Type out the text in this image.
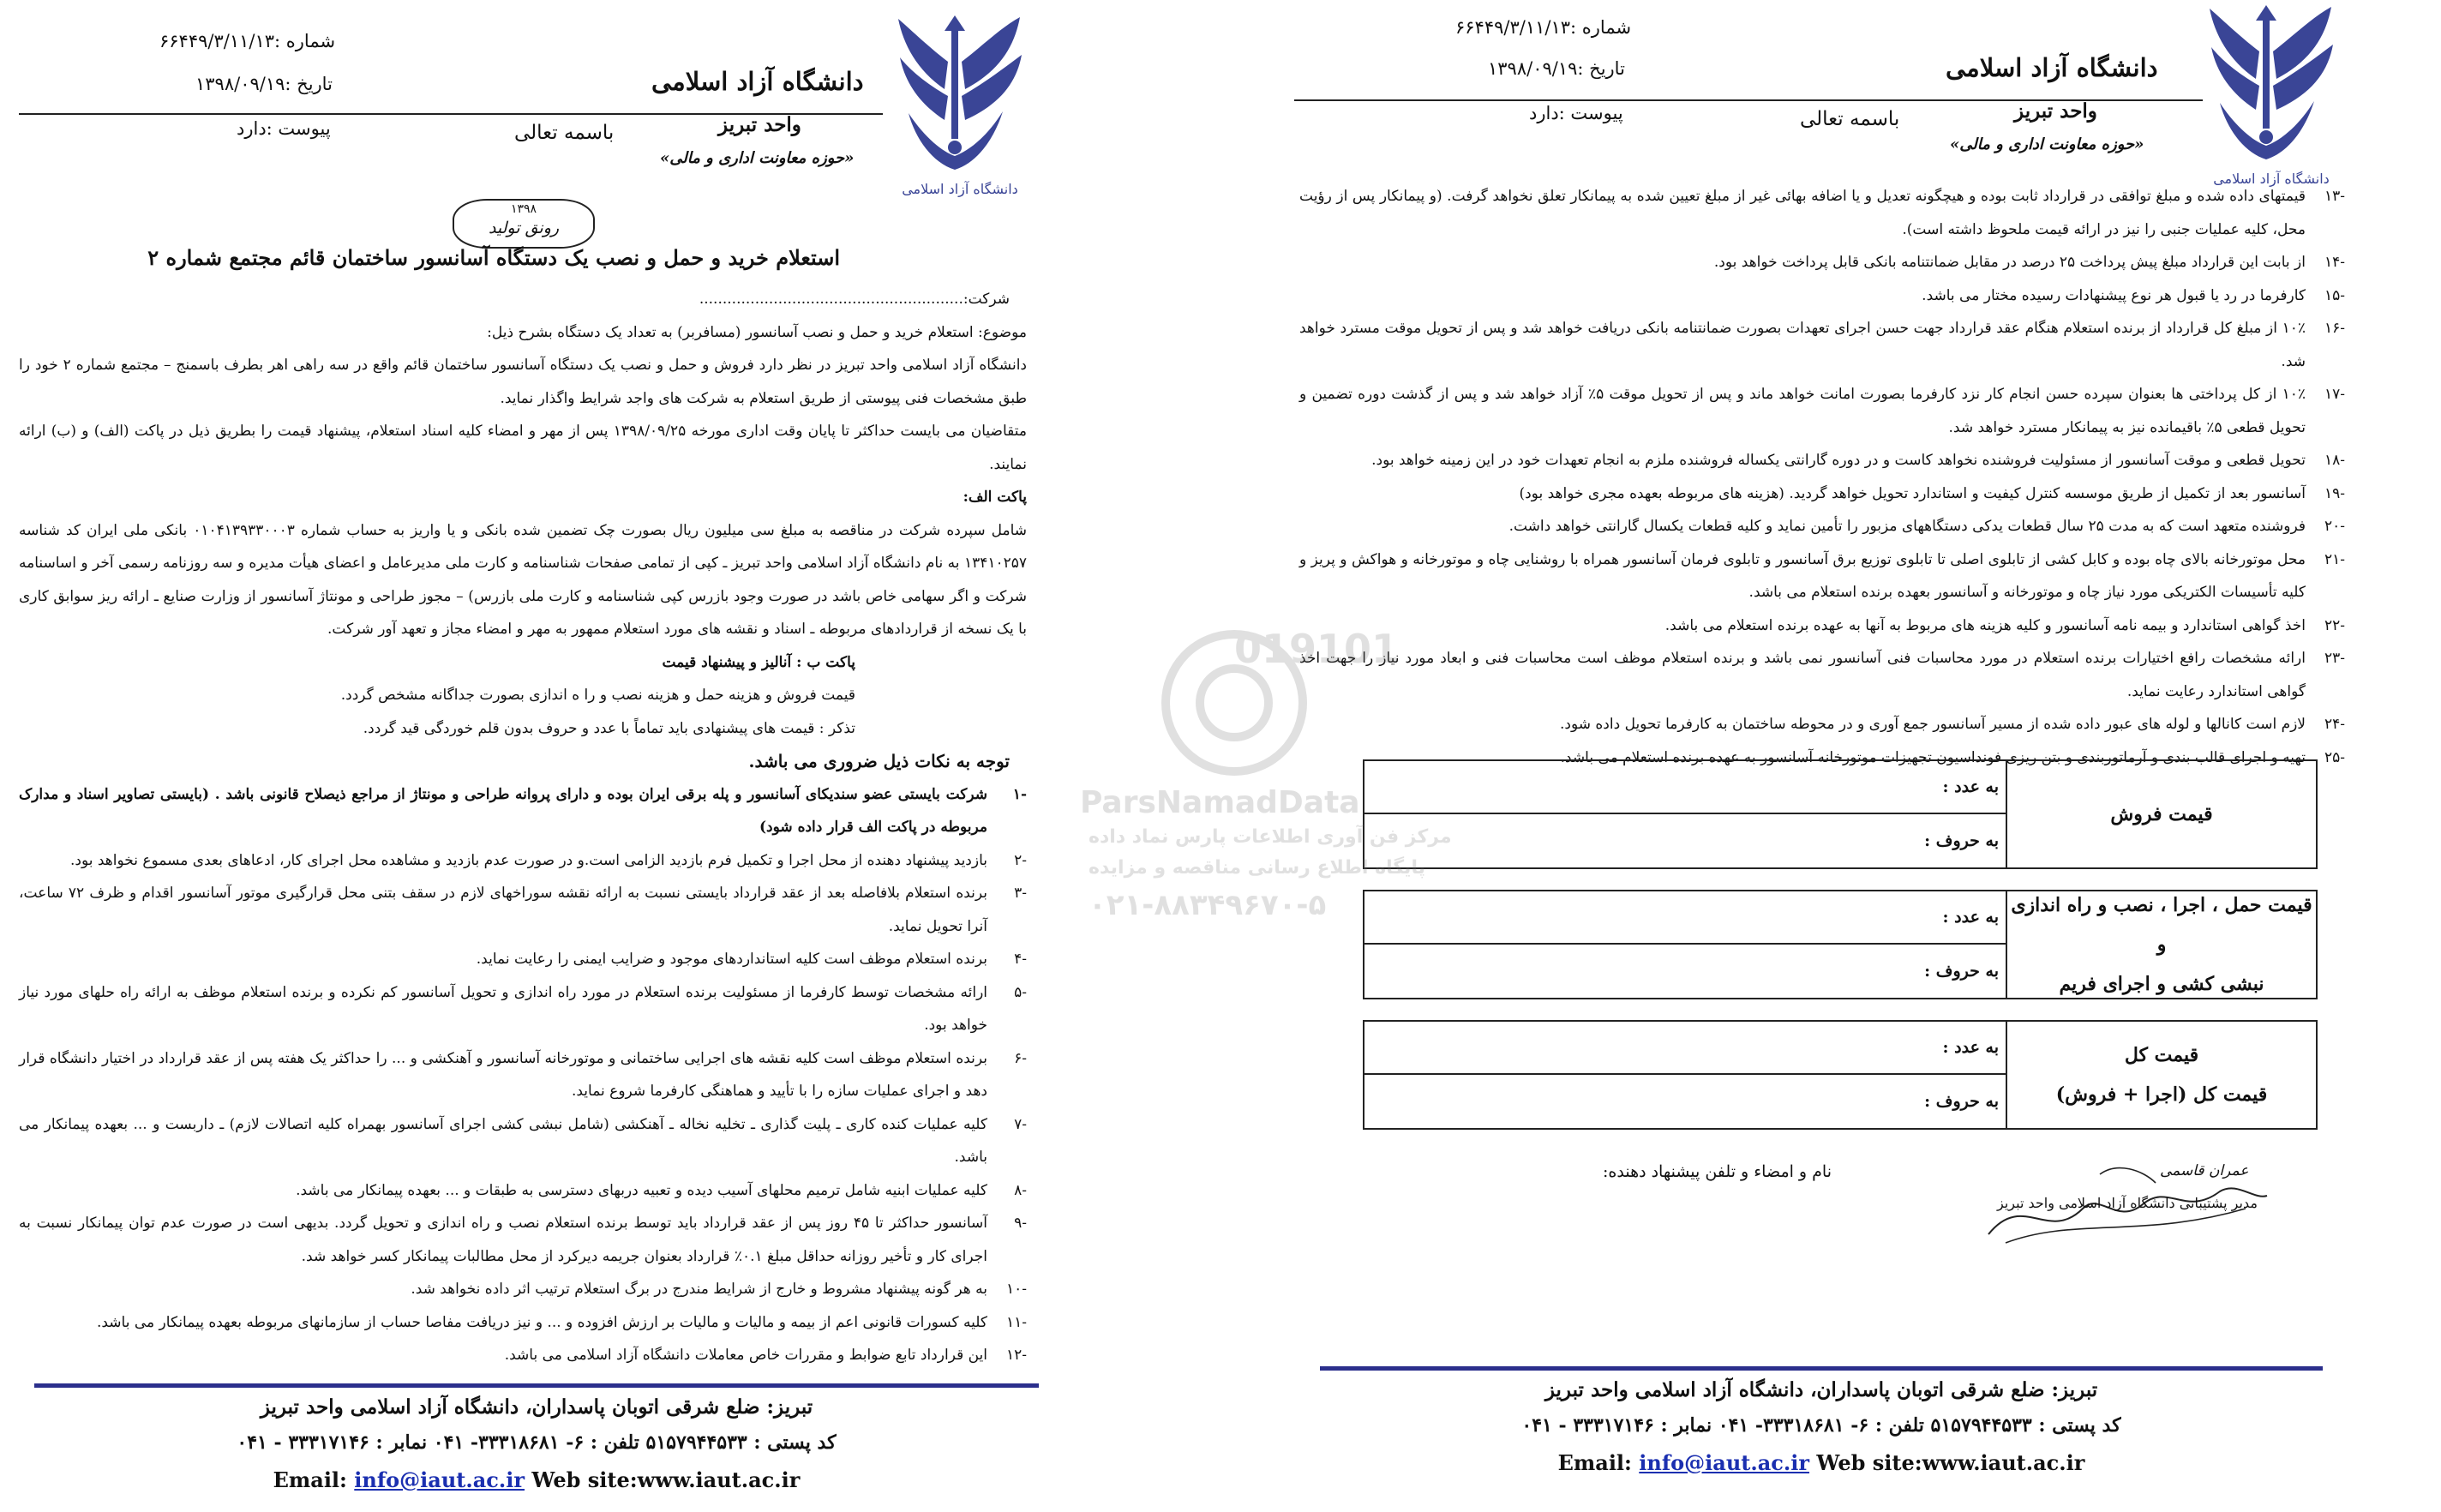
دانشگاه آزاد اسلامی
دانشگاه آزاد اسلامی
واحد تبریز
«حوزه معاونت اداری و مالی»
باسمه تعالی
شماره :۶۶۴۴۹/۳/۱۱/۱۳
تاریخ :۱۳۹۸/۰۹/۱۹
پیوست :دارد
۱۳۹۸
رونق تولید
استعلام خرید و حمل و نصب یک دستگاه آسانسور ساختمان قائم مجتمع شماره ۲

شرکت:.........................................................

موضوع: استعلام خرید و حمل و نصب آسانسور (مسافربر) به تعداد یک دستگاه بشرح ذیل:

دانشگاه آزاد اسلامی واحد تبریز در نظر دارد فروش و حمل و نصب یک دستگاه آسانسور ساختمان قائم واقع در سه راهی اهر بطرف باسمنج – مجتمع شماره ۲ خود را طبق مشخصات فنی پیوستی از طریق استعلام به شرکت های واجد شرایط واگذار نماید.

متقاضیان می بایست حداکثر تا پایان وقت اداری مورخه ۱۳۹۸/۰۹/۲۵ پس از مهر و امضاء کلیه اسناد استعلام، پیشنهاد قیمت را بطریق ذیل در پاکت (الف) و (ب) ارائه نمایند.

پاکت الف:

شامل سپرده شرکت در مناقصه به مبلغ سی میلیون ریال بصورت چک تضمین شده بانکی و یا واریز به حساب شماره ۰۱۰۴۱۳۹۳۳۰۰۰۳ بانکی ملی ایران کد شناسه ۱۳۴۱۰۲۵۷ به نام دانشگاه آزاد اسلامی واحد تبریز ـ کپی از تمامی صفحات شناسنامه و کارت ملی مدیرعامل و اعضای هیأت مدیره و سه روزنامه رسمی آخر و اساسنامه شرکت و اگر سهامی خاص باشد در صورت وجود بازرس کپی شناسنامه و کارت ملی بازرس) – مجوز طراحی و مونتاژ آسانسور از وزارت صنایع ـ ارائه ریز سوابق کاری با یک نسخه از قراردادهای مربوطه ـ اسناد و نقشه های مورد استعلام ممهور به مهر و امضاء مجاز و تعهد آور شرکت.

پاکت ب : آنالیز و پیشنهاد قیمت

قیمت فروش و هزینه حمل و هزینه نصب و را ه اندازی بصورت جداگانه مشخص گردد.

تذکر : قیمت های پیشنهادی باید تماماً با عدد و حروف بدون قلم خوردگی قید گردد.

توجه به نکات ذیل ضروری می باشد.

-۱
شرکت بایستی عضو سندیکای آسانسور و پله برقی ایران بوده و دارای پروانه طراحی و مونتاژ از مراجع ذیصلاح قانونی باشد . (بایستی تصاویر اسناد و مدارک مربوطه در پاکت الف قرار داده شود)
-۲
بازدید پیشنهاد دهنده از محل اجرا و تکمیل فرم بازدید الزامی است.و در صورت عدم بازدید و مشاهده محل اجرای کار، ادعاهای بعدی مسموع نخواهد بود.
-۳
برنده استعلام بلافاصله بعد از عقد قرارداد بایستی نسبت به ارائه نقشه سوراخهای لازم در سقف بتنی محل قرارگیری موتور آسانسور اقدام و ظرف ۷۲ ساعت، آنرا تحویل نماید.
-۴
برنده استعلام موظف است کلیه استانداردهای موجود و ضرایب ایمنی را رعایت نماید.
-۵
ارائه مشخصات توسط کارفرما از مسئولیت برنده استعلام در مورد راه اندازی و تحویل آسانسور کم نکرده و برنده استعلام موظف به ارائه راه حلهای مورد نیاز خواهد بود.
-۶
برنده استعلام موظف است کلیه نقشه های اجرایی ساختمانی و موتورخانه آسانسور و آهنکشی و ... را حداکثر یک هفته پس از عقد قرارداد در اختیار دانشگاه قرار دهد و اجرای عملیات سازه را با تأیید و هماهنگی کارفرما شروع نماید.
-۷
کلیه عملیات کنده کاری ـ پلیت گذاری ـ تخلیه نخاله ـ آهنکشی (شامل نبشی کشی اجرای آسانسور بهمراه کلیه اتصالات لازم) ـ داربست و ... بعهده پیمانکار می باشد.
-۸
کلیه عملیات ابنیه شامل ترمیم محلهای آسیب دیده و تعبیه دربهای دسترسی به طبقات و ... بعهده پیمانکار می باشد.
-۹
آسانسور حداکثر تا ۴۵ روز پس از عقد قرارداد باید توسط برنده استعلام نصب و راه اندازی و تحویل گردد. بدیهی است در صورت عدم توان پیمانکار نسبت به اجرای کار و تأخیر روزانه حداقل مبلغ ۰.۱٪ قرارداد بعنوان جریمه دیرکرد از محل مطالبات پیمانکار کسر خواهد شد.
-۱۰
به هر گونه پیشنهاد مشروط و خارج از شرایط مندرج در برگ استعلام ترتیب اثر داده نخواهد شد.
-۱۱
کلیه کسورات قانونی اعم از بیمه و مالیات و مالیات بر ارزش افزوده و ... و نیز دریافت مفاصا حساب از سازمانهای مربوطه بعهده پیمانکار می باشد.
-۱۲
این قرارداد تابع ضوابط و مقررات خاص معاملات دانشگاه آزاد اسلامی می باشد.
تبریز: ضلع شرقی اتوبان پاسداران، دانشگاه آزاد اسلامی واحد تبریز
کد پستی : ۵۱۵۷۹۴۴۵۳۳ تلفن : ۶- ۳۳۳۱۸۶۸۱- ۰۴۱ نمابر : ۳۳۳۱۷۱۴۶ - ۰۴۱
Email: info@iaut.ac.ir Web site:www.iaut.ac.ir
دانشگاه آزاد اسلامی
دانشگاه آزاد اسلامی
واحد تبریز
«حوزه معاونت اداری و مالی»
باسمه تعالی
شماره :۶۶۴۴۹/۳/۱۱/۱۳
تاریخ :۱۳۹۸/۰۹/۱۹
پیوست :دارد
-۱۳
قیمتهای داده شده و مبلغ توافقی در قرارداد ثابت بوده و هیچگونه تعدیل و یا اضافه بهائی غیر از مبلغ تعیین شده به پیمانکار تعلق نخواهد گرفت. (و پیمانکار پس از رؤیت محل، کلیه عملیات جنبی را نیز در ارائه قیمت ملحوظ داشته است).
-۱۴
از بابت این قرارداد مبلغ پیش پرداخت ۲۵ درصد در مقابل ضمانتنامه بانکی قابل پرداخت خواهد بود.
-۱۵
کارفرما در رد یا قبول هر نوع پیشنهادات رسیده مختار می باشد.
-۱۶
۱۰٪ از مبلغ کل قرارداد از برنده استعلام هنگام عقد قرارداد جهت حسن اجرای تعهدات بصورت ضمانتنامه بانکی دریافت خواهد شد و پس از تحویل موقت مسترد خواهد شد.
-۱۷
۱۰٪ از کل پرداختی ها بعنوان سپرده حسن انجام کار نزد کارفرما بصورت امانت خواهد ماند و پس از تحویل موقت ۵٪ آزاد خواهد شد و پس از گذشت دوره تضمین و تحویل قطعی ۵٪ باقیمانده نیز به پیمانکار مسترد خواهد شد.
-۱۸
تحویل قطعی و موقت آسانسور از مسئولیت فروشنده نخواهد کاست و در دوره گارانتی یکساله فروشنده ملزم به انجام تعهدات خود در این زمینه خواهد بود.
-۱۹
آسانسور بعد از تکمیل از طریق موسسه کنترل کیفیت و استاندارد تحویل خواهد گردید. (هزینه های مربوطه بعهده مجری خواهد بود)
-۲۰
فروشنده متعهد است که به مدت ۲۵ سال قطعات یدکی دستگاههای مزبور را تأمین نماید و کلیه قطعات یکسال گارانتی خواهد داشت.
-۲۱
محل موتورخانه بالای چاه بوده و کابل کشی از تابلوی اصلی تا تابلوی توزیع برق آسانسور و تابلوی فرمان آسانسور همراه با روشنایی چاه و موتورخانه و هواکش و پریز و کلیه تأسیسات الکتریکی مورد نیاز چاه و موتورخانه و آسانسور بعهده برنده استعلام می باشد.
-۲۲
اخذ گواهی استاندارد و بیمه نامه آسانسور و کلیه هزینه های مربوط به آنها به عهده برنده استعلام می باشد.
-۲۳
ارائه مشخصات رافع اختیارات برنده استعلام در مورد محاسبات فنی آسانسور نمی باشد و برنده استعلام موظف است محاسبات فنی و ابعاد مورد نیاز را جهت اخذ گواهی استاندارد رعایت نماید.
-۲۴
لازم است کانالها و لوله های عبور داده شده از مسیر آسانسور جمع آوری و در محوطه ساختمان به کارفرما تحویل داده شود.
-۲۵
تهیه و اجرای قالب بندی و آرماتوربندی و بتن ریزی فونداسیون تجهیزات موتورخانه آسانسور به عهده برنده استعلام می باشد.
قیمت فروش
به عدد :
به حروف :
قیمت حمل ، اجرا ، نصب و راه اندازی و
نبشی کشی و اجرای فریم
به عدد :
به حروف :
قیمت کل
قیمت کل (اجرا + فروش)
به عدد :
به حروف :
نام و امضاء و تلفن پیشنهاد دهنده:	عمران قاسمی
مدیر پشتیبانی دانشگاه آزاد اسلامی واحد تبریز
تبریز: ضلع شرقی اتوبان پاسداران، دانشگاه آزاد اسلامی واحد تبریز
کد پستی : ۵۱۵۷۹۴۴۵۳۳ تلفن : ۶- ۳۳۳۱۸۶۸۱- ۰۴۱ نمابر : ۳۳۳۱۷۱۴۶ - ۰۴۱
Email: info@iaut.ac.ir Web site:www.iaut.ac.ir
019101
ParsNamadData
مرکز فن آوری اطلاعات پارس نماد داده
پایگاه اطلاع رسانی مناقصه و مزایده
۰۲۱-۸۸۳۴۹۶۷۰-۵
